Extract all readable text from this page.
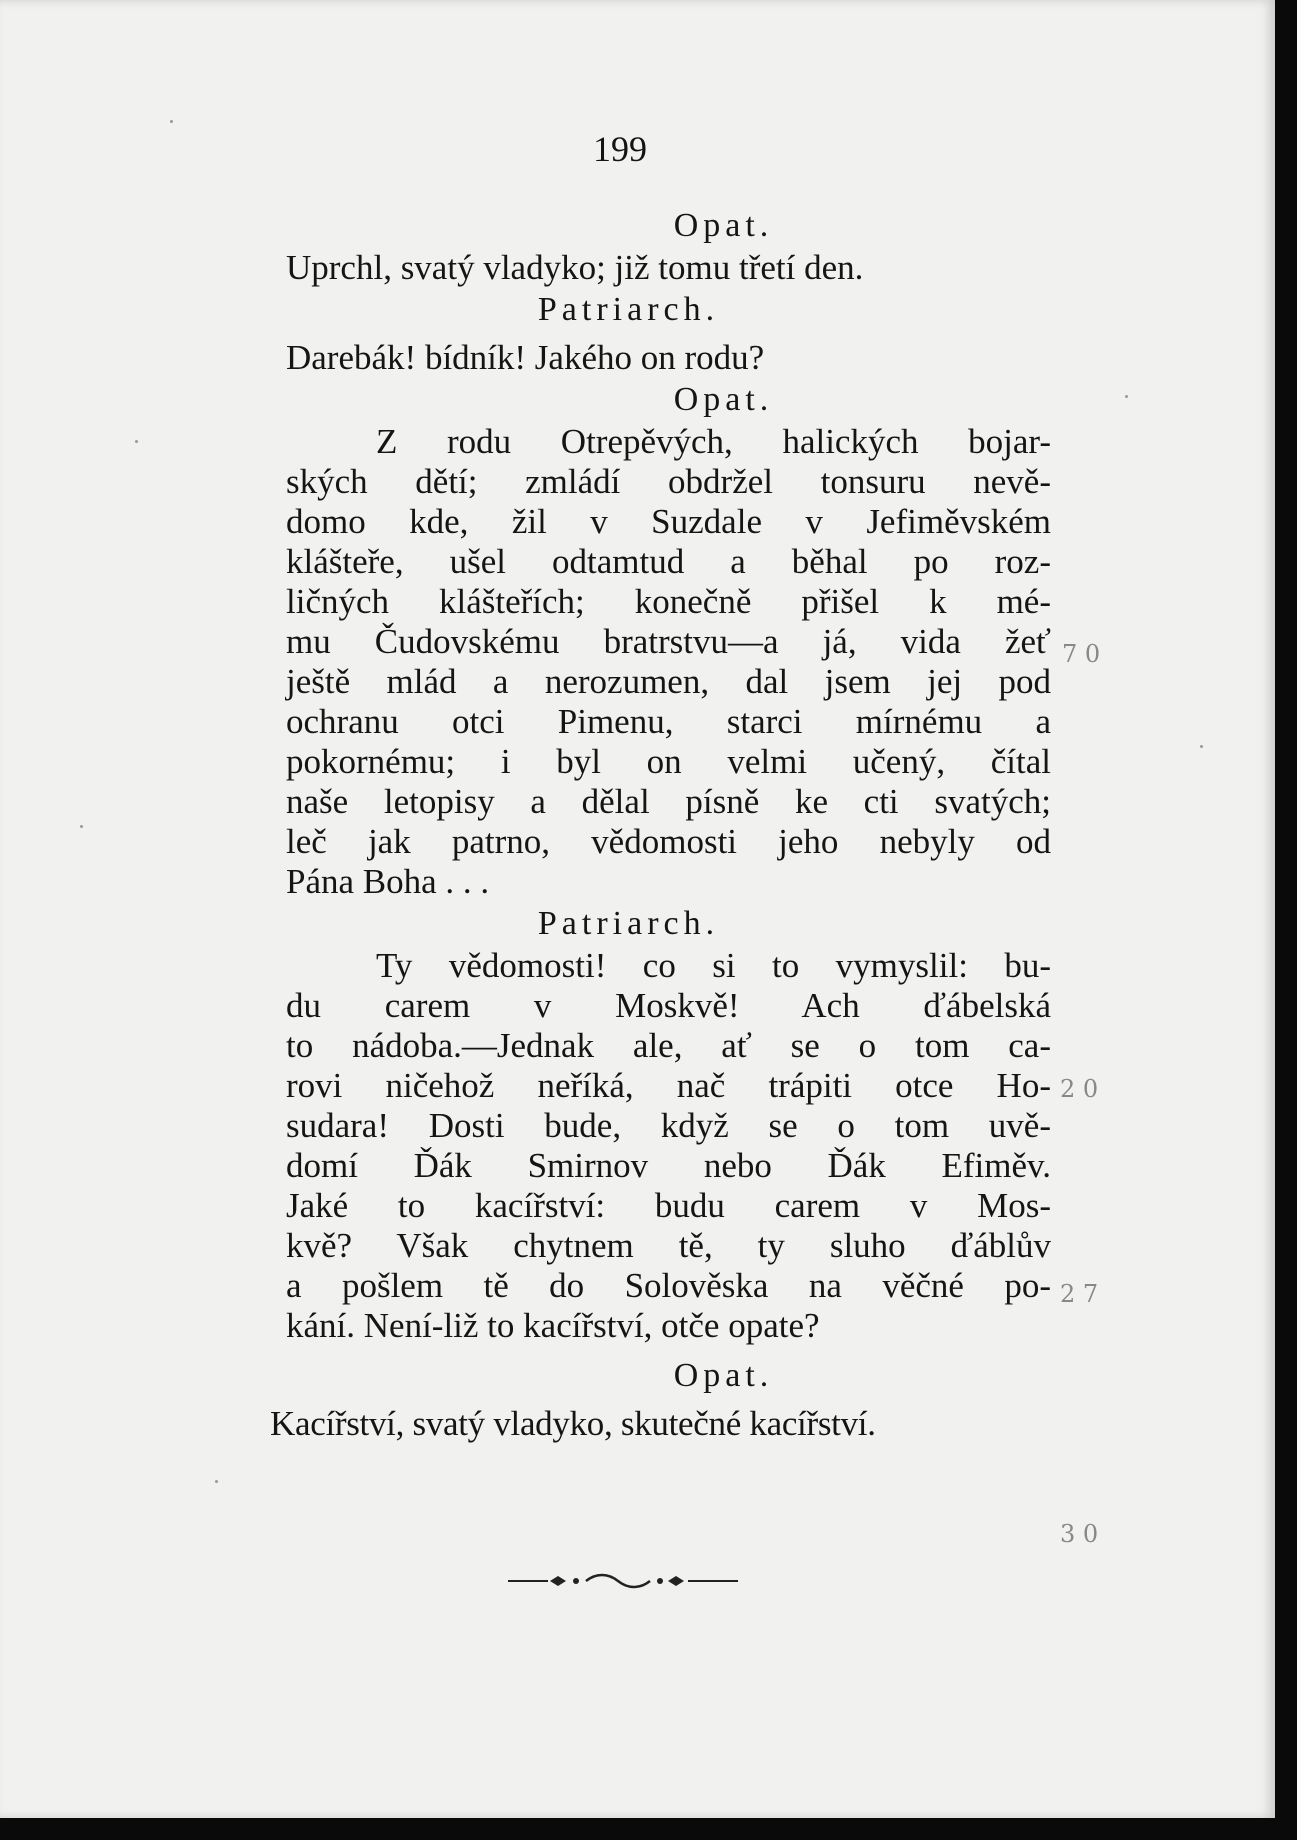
199
Opat.
Uprchl, svatý vladyko; již tomu třetí den.
Patriarch.
Darebák! bídník! Jakého on rodu?
Opat.
Z rodu Otrepěvých, halických bojar-
ských dětí; zmládí obdržel tonsuru nevě-
domo kde, žil v Suzdale v Jefiměvském
klášteře, ušel odtamtud a běhal po roz-
ličných klášteřích; konečně přišel k mé-
mu Čudovskému bratrstvu—a já, vida žeť
ještě mlád a nerozumen, dal jsem jej pod
ochranu otci Pimenu, starci mírnému a
pokornému; i byl on velmi učený, čítal
naše letopisy a dělal písně ke cti svatých;
leč jak patrno, vědomosti jeho nebyly od
Pána Boha . . .
Patriarch.
Ty vědomosti! co si to vymyslil: bu-
du carem v Moskvě! Ach ďábelská
to nádoba.—Jednak ale, ať se o tom ca-
rovi ničehož neříká, nač trápiti otce Ho-
sudara! Dosti bude, když se o tom uvě-
domí Ďák Smirnov nebo Ďák Efiměv.
Jaké to kacířství: budu carem v Mos-
kvě? Však chytnem tě, ty sluho ďáblův
a pošlem tě do Solověska na věčné po-
kání. Není-liž to kacířství, otče opate?
Opat.
Kacířství, svatý vladyko, skutečné kacířství.
7 0
2 0
2 7
3 0
